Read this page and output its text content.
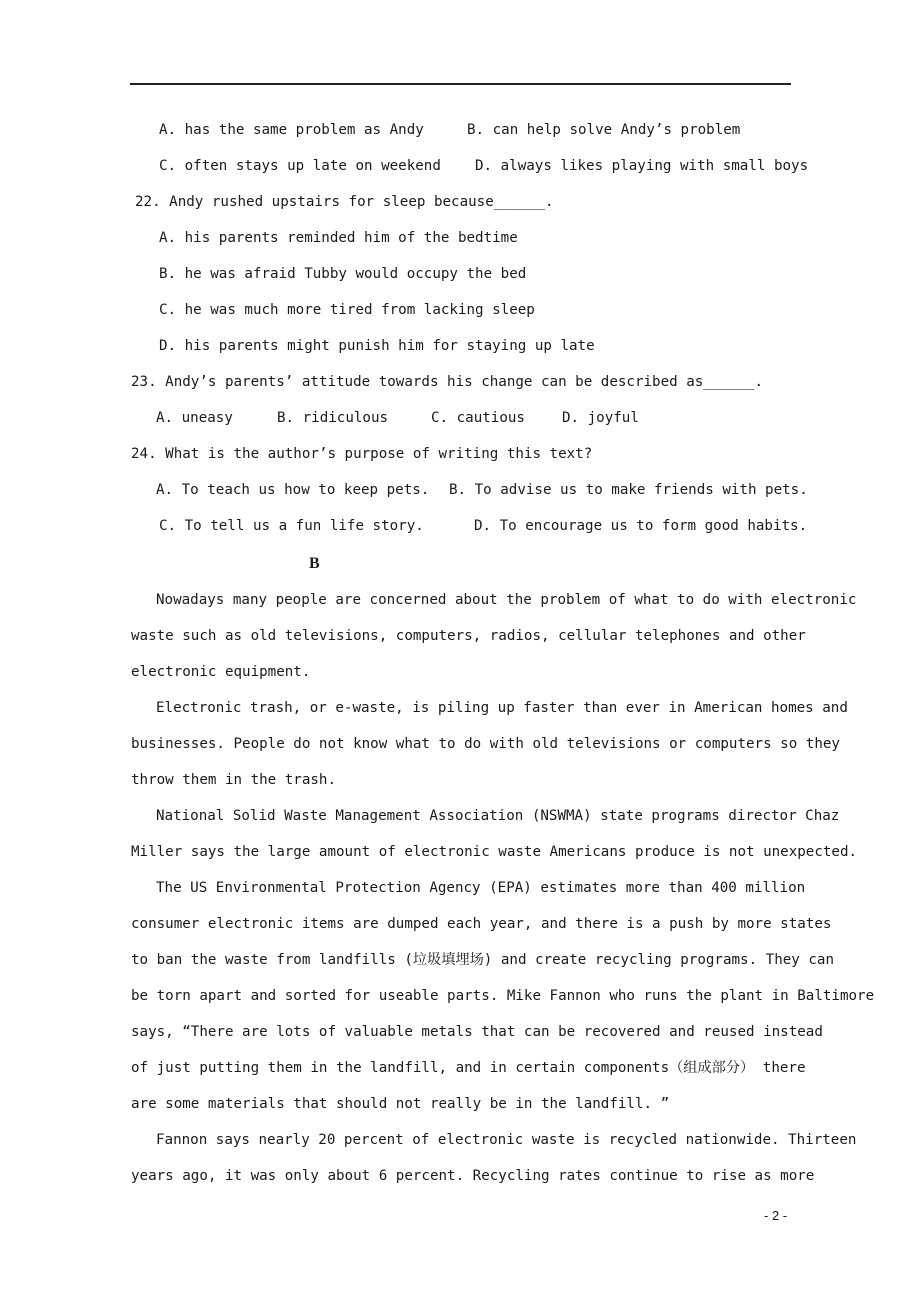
A. has the same problem as Andy	B. can help solve Andy’s problem
C. often stays up late on weekend D. always likes playing with small boys
22. Andy rushed upstairs for sleep because______.
A. his parents reminded him of the bedtime
B. he was afraid Tubby would occupy the bed
C. he was much more tired from lacking sleep
D. his parents might punish him for staying up late
23. Andy’s parents’ attitude towards his change can be described as______.
A. uneasy	B. ridiculous	C. cautious	D. joyful
24. What is the author’s purpose of writing this text?
A. To teach us how to keep pets. B. To advise us to make friends with pets.
C. To tell us a fun life story.	D. To encourage us to form good habits.
B
Nowadays many people are concerned about the problem of what to do with electronic
waste such as old televisions, computers, radios, cellular telephones and other
electronic equipment.
Electronic trash, or e-waste, is piling up faster than ever in American homes and
businesses. People do not know what to do with old televisions or computers so they
throw them in the trash.
National Solid Waste Management Association (NSWMA) state programs director Chaz
Miller says the large amount of electronic waste Americans produce is not unexpected.
The US Environmental Protection Agency (EPA) estimates more than 400 million
consumer electronic items are dumped each year, and there is a push by more states
to ban the waste from landfills (垃圾填埋场) and create recycling programs. They can
be torn apart and sorted for useable parts. Mike Fannon who runs the plant in Baltimore
says, “There are lots of valuable metals that can be recovered and reused instead
of just putting them in the landfill, and in certain components（组成部分） there
are some materials that should not really be in the landfill. ”
Fannon says nearly 20 percent of electronic waste is recycled nationwide. Thirteen
years ago, it was only about 6 percent. Recycling rates continue to rise as more
- 2 -
